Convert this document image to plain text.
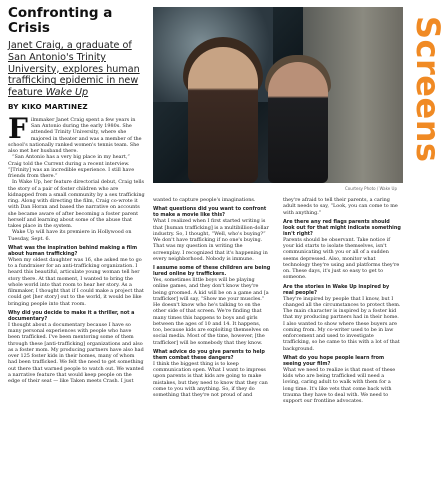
Screens
Confronting a Crisis

Janet Craig, a graduate of San Antonio's Trinity University, explores human trafficking epidemic in new feature Wake Up

BY KIKO MARTINEZ

Filmmaker Janet Craig spent a few years in San Antonio during the early 1980s. She attended Trinity University, where she majored in theater and was a member of the school's nationally ranked women's tennis team. She also met her husband there.

“San Antonio has a very big place in my heart,” Craig told the Current during a recent interview. “[Trinity] was an incredible experience. I still have friends from there.”

In Wake Up, her feature directorial debut, Craig tells the story of a pair of foster children who are kidnapped from a small community by a sex trafficking ring. Along with directing the film, Craig co-wrote it with Dan Horan and based the narrative on accounts she became aware of after becoming a foster parent herself and learning about some of the abuse that takes place in the system.

Wake Up will have its premiere in Hollywood on Tuesday, Sept. 6.

What was the inspiration behind making a film about human trafficking?

When my oldest daughter was 16, she asked me to go to a fundraiser for an anti-trafficking organization. I heard this beautiful, articulate young woman tell her story there. At that moment, I wanted to bring the whole world into that room to hear her story. As a filmmaker, I thought that if I could make a project that could get [her story] out to the world, it would be like bringing people into that room.

Why did you decide to make it a thriller, not a documentary?

I thought about a documentary because I have so many personal experiences with people who have been trafficked. I've been mentoring some of them through these [anti-trafficking] organizations and also as a foster mom. My producing partners have also had over 125 foster kids in their homes, many of whom had been trafficked. We felt the need to get something out there that warned people to watch out. We wanted a narrative feature that would keep people on the edge of their seat — like Taken meets Crash. I just

Courtesy Photo / Wake Up

wanted to capture people's imaginations.

What questions did you want to confront to make a movie like this?

What I realized when I first started writing is that [human trafficking] is a multibillion-dollar industry. So, I thought, “Well, who's buying?” We don't have trafficking if no one's buying. That was my question in writing the screenplay. I recognized that it's happening in every neighborhood. Nobody is immune.

I assume some of these children are being lured online by traffickers.

Yes, sometimes little boys will be playing online games, and they don't know they're being groomed. A kid will be on a game and [a trafficker] will say, “Show me your muscles.” He doesn't know who he's talking to on the other side of that screen. We're finding that many times this happens to boys and girls between the ages of 10 and 14. It happens, too, because kids are exploiting themselves on social media. Most of the time, however, [the trafficker] will be somebody that they know.

What advice do you give parents to help them combat these dangers?

I think the biggest thing is to keep communication open. What I want to impress upon parents is that kids are going to make mistakes, but they need to know that they can come to you with anything. So, if they do something that they're not proud of and

they're afraid to tell their parents, a caring adult needs to say, “Look, you can come to me with anything.”

Are there any red flags parents should look out for that might indicate something isn't right?

Parents should be observant. Take notice if your kid starts to isolate themselves, isn't communicating with you or all of a sudden seems depressed. Also, monitor what technology they're using and platforms they're on. These days, it's just so easy to get to someone.

Are the stories in Wake Up inspired by real people?

They're inspired by people that I know, but I changed all the circumstances to protect them. The main character is inspired by a foster kid that my producing partners had in their home. I also wanted to show where these buyers are coming from. My co-writer used to be in law enforcement and used to investigate trafficking, so he came to this with a lot of that background.

What do you hope people learn from seeing your film?

What we need to realize is that most of these kids who are being trafficked will need a loving, caring adult to walk with them for a long time. It's like vets that come back with trauma they have to deal with. We need to support our frontline advocates.
